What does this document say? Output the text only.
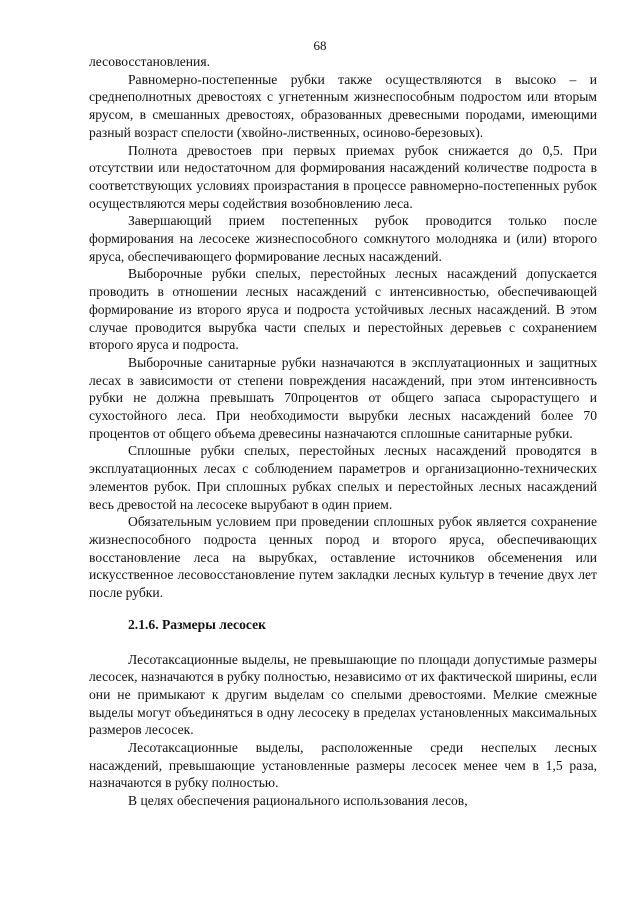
68

лесовосстановления.

Равномерно-постепенные рубки также осуществляются в высоко – и среднеполнотных древостоях с угнетенным жизнеспособным подростом или вторым ярусом, в смешанных древостоях, образованных древесными породами, имеющими разный возраст спелости (хвойно-лиственных, осиново-березовых).

Полнота древостоев при первых приемах рубок снижается до 0,5. При отсутствии или недостаточном для формирования насаждений количестве подроста в соответствующих условиях произрастания в процессе равномерно-постепенных рубок осуществляются меры содействия возобновлению леса.

Завершающий прием постепенных рубок проводится только после формирования на лесосеке жизнеспособного сомкнутого молодняка и (или) второго яруса, обеспечивающего формирование лесных насаждений.

Выборочные рубки спелых, перестойных лесных насаждений допускается проводить в отношении лесных насаждений с интенсивностью, обеспечивающей формирование из второго яруса и подроста устойчивых лесных насаждений. В этом случае проводится вырубка части спелых и перестойных деревьев с сохранением второго яруса и подроста.

Выборочные санитарные рубки назначаются в эксплуатационных и защитных лесах в зависимости от степени повреждения насаждений, при этом интенсивность рубки не должна превышать 70процентов от общего запаса сырорастущего и сухостойного леса. При необходимости вырубки лесных насаждений более 70 процентов от общего объема древесины назначаются сплошные санитарные рубки.

Сплошные рубки спелых, перестойных лесных насаждений проводятся в эксплуатационных лесах с соблюдением параметров и организационно-технических элементов рубок. При сплошных рубках спелых и перестойных лесных насаждений весь древостой на лесосеке вырубают в один прием.

Обязательным условием при проведении сплошных рубок является сохранение жизнеспособного подроста ценных пород и второго яруса, обеспечивающих восстановление леса на вырубках, оставление источников обсеменения или искусственное лесовосстановление путем закладки лесных культур в течение двух лет после рубки.

2.1.6. Размеры лесосек

Лесотаксационные выделы, не превышающие по площади допустимые размеры лесосек, назначаются в рубку полностью, независимо от их фактической ширины, если они не примыкают к другим выделам со спелыми древостоями. Мелкие смежные выделы могут объединяться в одну лесосеку в пределах установленных максимальных размеров лесосек.

Лесотаксационные выделы, расположенные среди неспелых лесных насаждений, превышающие установленные размеры лесосек менее чем в 1,5 раза, назначаются в рубку полностью.

В целях обеспечения рационального использования лесов,
